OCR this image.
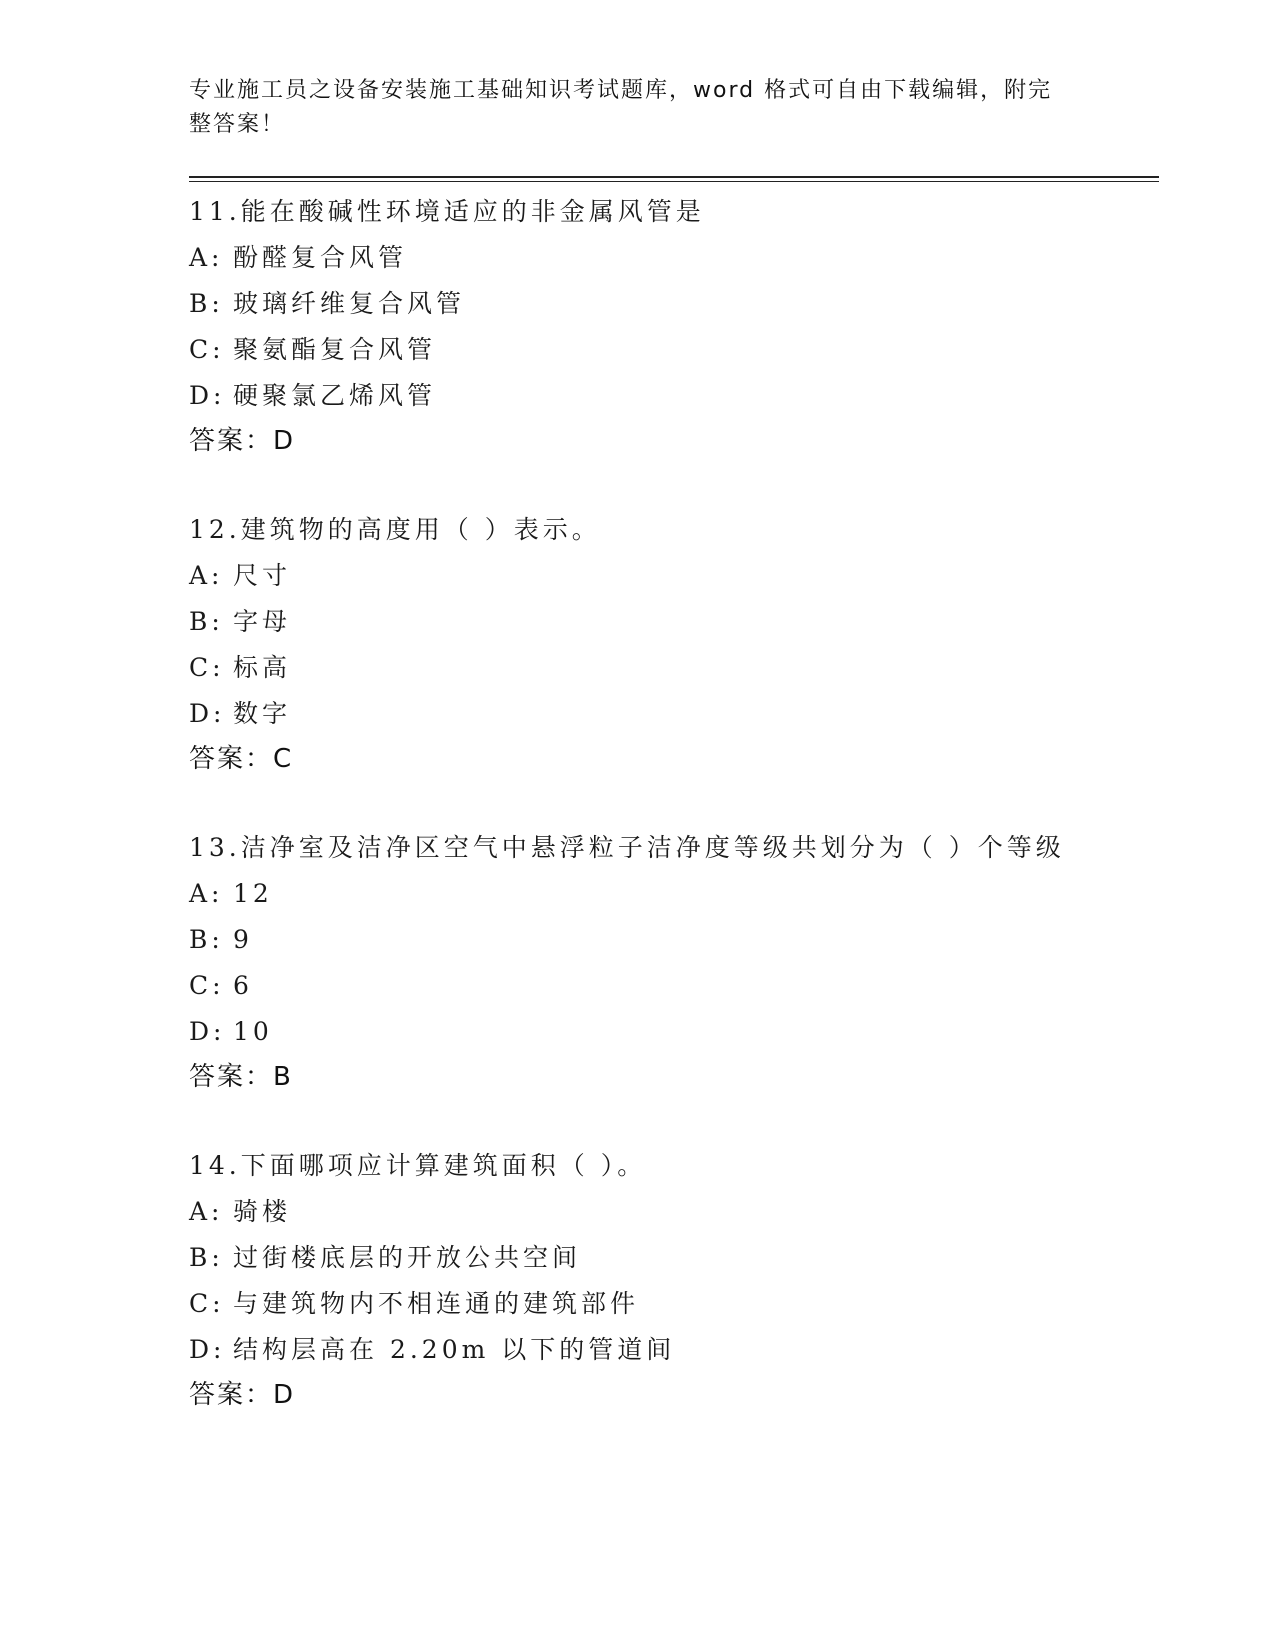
专业施工员之设备安装施工基础知识考试题库，word 格式可自由下载编辑，附完
整答案！
11.能在酸碱性环境适应的非金属风管是
A: 酚醛复合风管
B: 玻璃纤维复合风管
C: 聚氨酯复合风管
D: 硬聚氯乙烯风管
答案：D
12.建筑物的高度用（ ）表示。
A: 尺寸
B: 字母
C: 标高
D: 数字
答案：C
13.洁净室及洁净区空气中悬浮粒子洁净度等级共划分为（ ）个等级
A: 12
B: 9
C: 6
D: 10
答案：B
14.下面哪项应计算建筑面积（ ）。
A: 骑楼
B: 过街楼底层的开放公共空间
C: 与建筑物内不相连通的建筑部件
D: 结构层高在 2.20m 以下的管道间
答案：D
